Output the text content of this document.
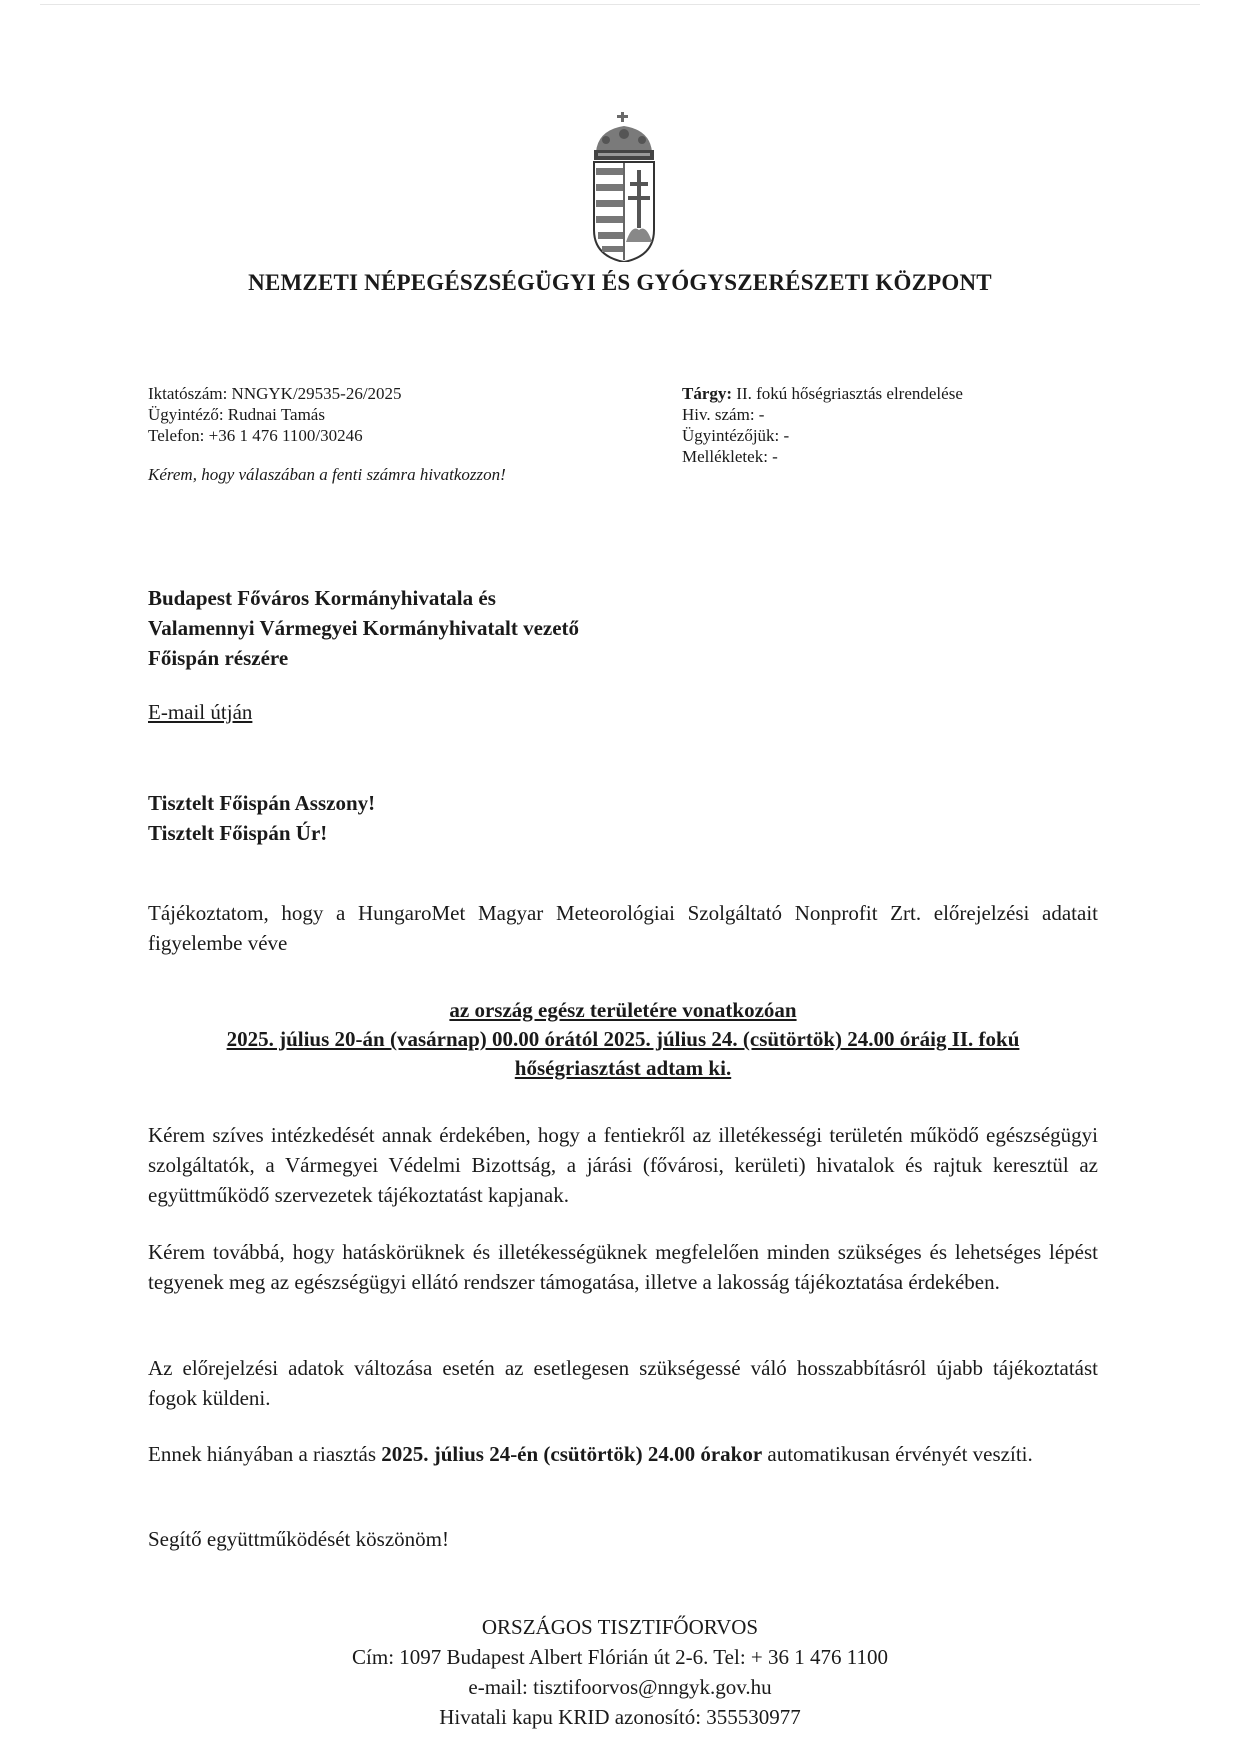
NEMZETI NÉPEGÉSZSÉGÜGYI ÉS GYÓGYSZERÉSZETI KÖZPONT
Iktatószám: NNGYK/29535-26/2025
Ügyintéző: Rudnai Tamás
Telefon: +36 1 476 1100/30246
Kérem, hogy válaszában a fenti számra hivatkozzon!
Tárgy: II. fokú hőségriasztás elrendelése
Hiv. szám: -
Ügyintézőjük: -
Mellékletek: -
Budapest Főváros Kormányhivatala és
Valamennyi Vármegyei Kormányhivatalt vezető
Főispán részére
E-mail útján
Tisztelt Főispán Asszony!
Tisztelt Főispán Úr!
Tájékoztatom, hogy a HungaroMet Magyar Meteorológiai Szolgáltató Nonprofit Zrt. előrejelzési adatait figyelembe véve
az ország egész területére vonatkozóan
2025. július 20-án (vasárnap) 00.00 órától 2025. július 24. (csütörtök) 24.00 óráig II. fokú
hőségriasztást adtam ki.
Kérem szíves intézkedését annak érdekében, hogy a fentiekről az illetékességi területén működő egészségügyi szolgáltatók, a Vármegyei Védelmi Bizottság, a járási (fővárosi, kerületi) hivatalok és rajtuk keresztül az együttműködő szervezetek tájékoztatást kapjanak.
Kérem továbbá, hogy hatáskörüknek és illetékességüknek megfelelően minden szükséges és lehetséges lépést tegyenek meg az egészségügyi ellátó rendszer támogatása, illetve a lakosság tájékoztatása érdekében.
Az előrejelzési adatok változása esetén az esetlegesen szükségessé váló hosszabbításról újabb tájékoztatást fogok küldeni.
Ennek hiányában a riasztás 2025. július 24-én (csütörtök) 24.00 órakor automatikusan érvényét veszíti.
Segítő együttműködését köszönöm!
ORSZÁGOS TISZTIFŐORVOS
Cím: 1097 Budapest Albert Flórián út 2-6. Tel: + 36 1 476 1100
e-mail: tisztifoorvos@nngyk.gov.hu
Hivatali kapu KRID azonosító: 355530977
